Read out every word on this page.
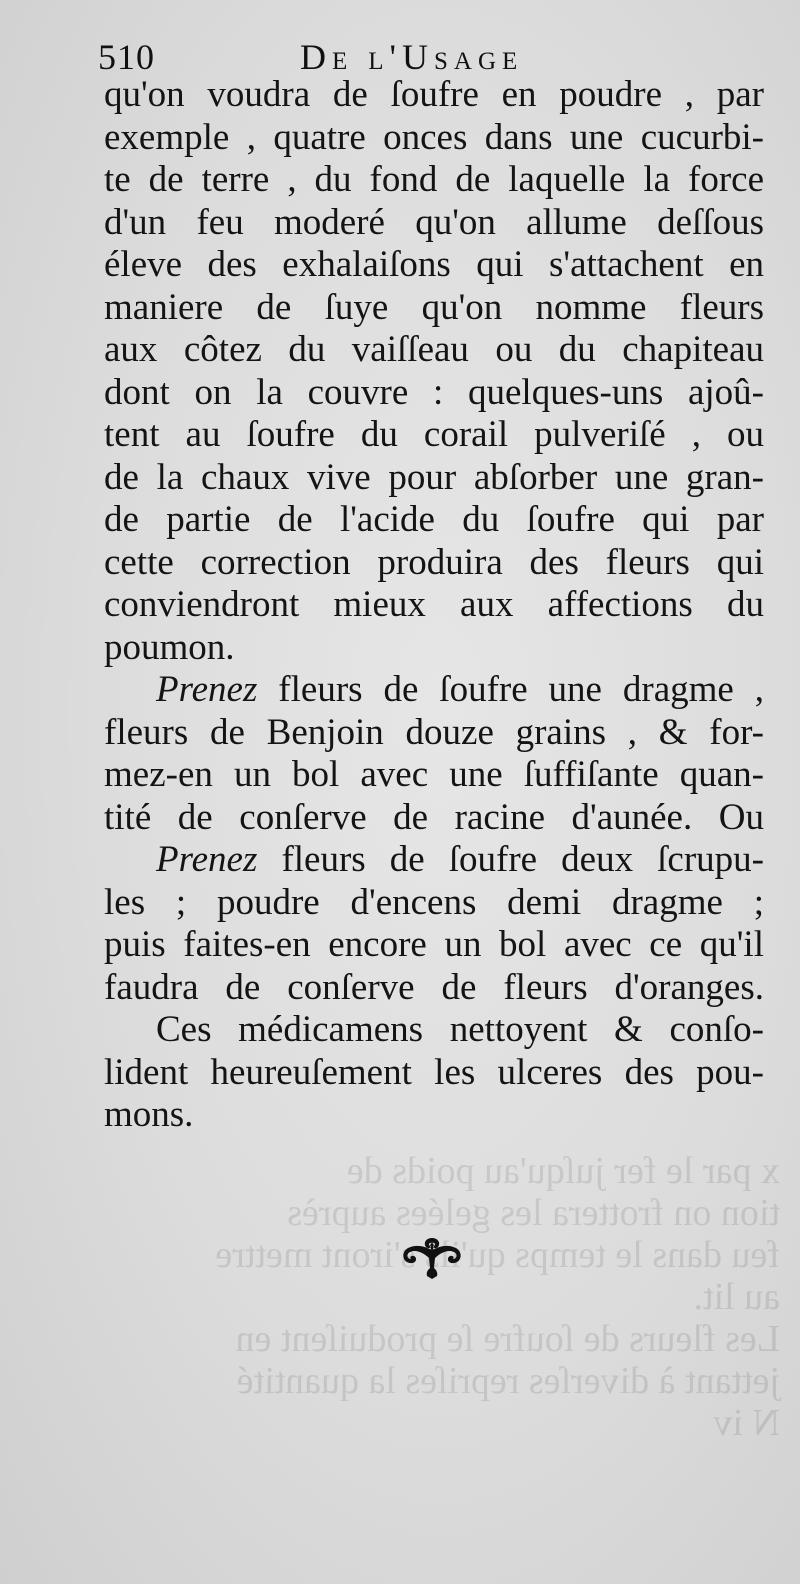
x par le fer juſqu'au poids de
tion on frottera les gelées auprès
feu dans le temps qu'ils s'iront mettre
au lit.
Les fleurs de ſoufre ſe produiſent en
jettant à diverſes repriſes la quantité
N iv
510	De l'Usage
qu'on voudra de ſoufre en poudre , par
exemple , quatre onces dans une cucurbi-
te de terre , du fond de laquelle la force
d'un feu moderé qu'on allume deſſous
éleve des exhalaiſons qui s'attachent en
maniere de ſuye qu'on nomme fleurs
aux côtez du vaiſſeau ou du chapiteau
dont on la couvre : quelques-uns ajoû-
tent au ſoufre du corail pulveriſé , ou
de la chaux vive pour abſorber une gran-
de partie de l'acide du ſoufre qui par
cette correction produira des fleurs qui
conviendront mieux aux affections du
poumon.
Prenez fleurs de ſoufre une dragme ,
fleurs de Benjoin douze grains , & for-
mez-en un bol avec une ſuffiſante quan-
tité de conſerve de racine d'aunée. Ou
Prenez fleurs de ſoufre deux ſcrupu-
les ; poudre d'encens demi dragme ;
puis faites-en encore un bol avec ce qu'il
faudra de conſerve de fleurs d'oranges.
Ces médicamens nettoyent & conſo-
lident heureuſement les ulceres des pou-
mons.
